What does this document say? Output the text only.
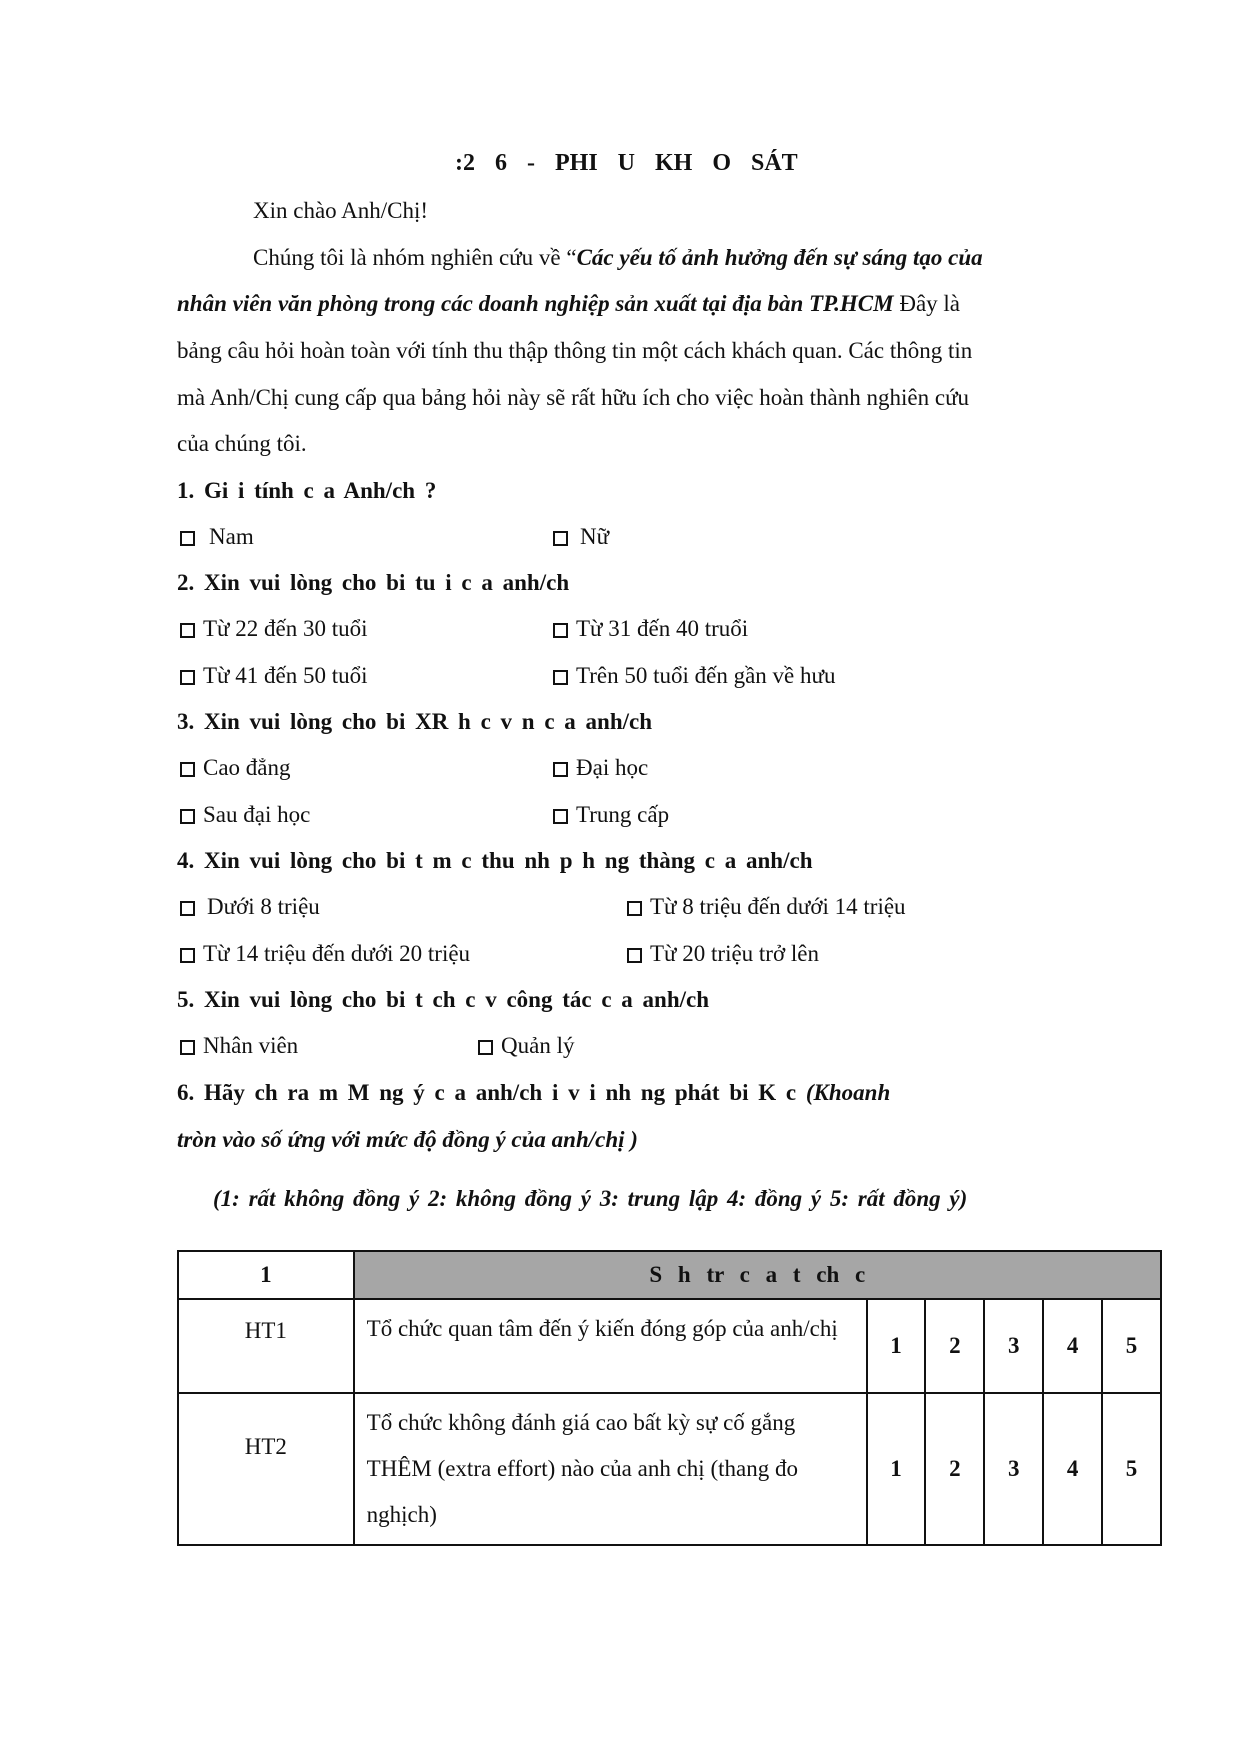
:2 6 - PHI U KH O SÁT
Xin chào Anh/Chị!
Chúng tôi là nhóm nghiên cứu về “Các yếu tố ảnh hưởng đến sự sáng tạo của
nhân viên văn phòng trong các doanh nghiệp sản xuất tại địa bàn TP.HCM Đây là
bảng câu hỏi hoàn toàn với tính thu thập thông tin một cách khách quan. Các thông tin
mà Anh/Chị cung cấp qua bảng hỏi này sẽ rất hữu ích cho việc hoàn thành nghiên cứu
của chúng tôi.
1. Gi i tính c a Anh/ch ?
Nam	Nữ
2. Xin vui lòng cho bi tu i c a anh/ch
Từ 22 đến 30 tuổi	Từ 31 đến 40 truổi
Từ 41 đến 50 tuổi	Trên 50 tuổi đến gần về hưu
3. Xin vui lòng cho bi XR h c v n c a anh/ch
Cao đẳng	Đại học
Sau đại học	Trung cấp
4. Xin vui lòng cho bi t m c thu nh p h ng thàng c a anh/ch
Dưới 8 triệu	Từ 8 triệu đến dưới 14 triệu
Từ 14 triệu đến dưới 20 triệu	Từ 20 triệu trở lên
5. Xin vui lòng cho bi t ch c v công tác c a anh/ch
Nhân viên	Quản lý
6. Hãy ch ra m M ng ý c a anh/ch i v i nh ng phát bi K c (Khoanh
tròn vào số ứng với mức độ đồng ý của anh/chị )
(1: rất không đồng ý 2: không đồng ý 3: trung lập 4: đồng ý 5: rất đồng ý)
1	S h tr c a t ch c					
HT1	Tổ chức quan tâm đến ý kiến đóng góp của anh/chị	1	2	3	4	5
HT2	Tổ chức không đánh giá cao bất kỳ sự cố gắng THÊM (extra effort) nào của anh chị (thang đo nghịch)	1	2	3	4	5
